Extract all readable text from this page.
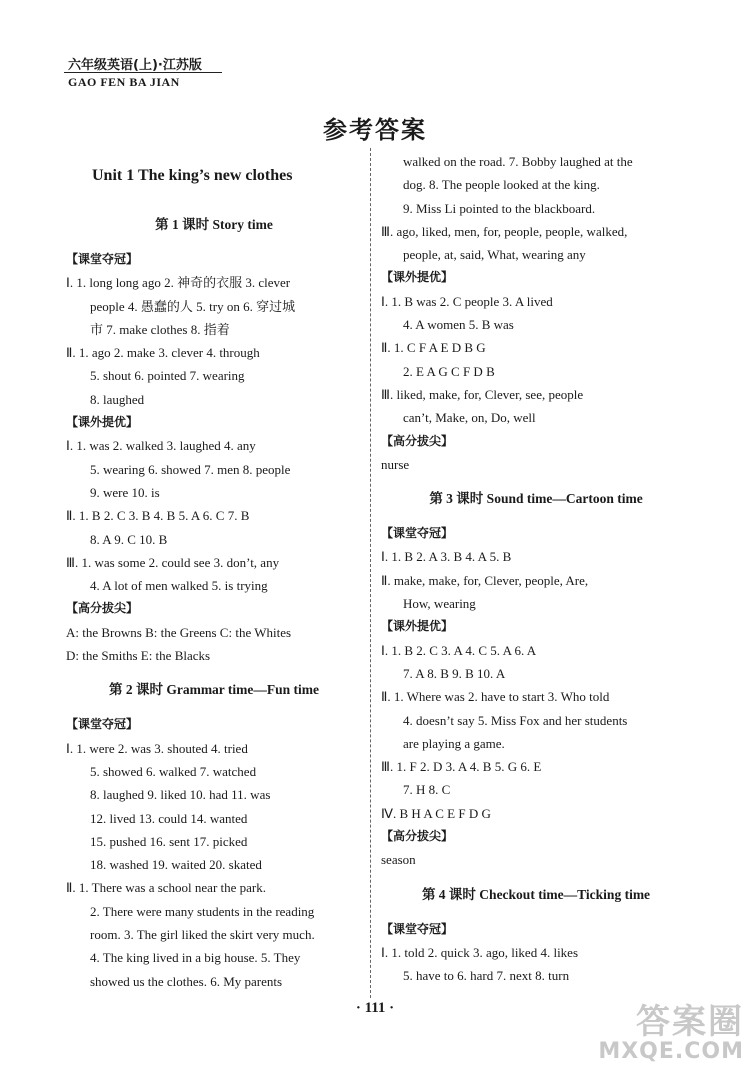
六年级英语(上)·江苏版
GAO FEN BA JIAN
参考答案
Unit 1 The king’s new clothes
第 1 课时 Story time
【课堂夺冠】
Ⅰ. 1. long long ago 2. 神奇的衣服 3. clever
people 4. 愚蠢的人 5. try on 6. 穿过城
市 7. make clothes 8. 指着
Ⅱ. 1. ago 2. make 3. clever 4. through
5. shout 6. pointed 7. wearing
8. laughed
【课外提优】
Ⅰ. 1. was 2. walked 3. laughed 4. any
5. wearing 6. showed 7. men 8. people
9. were 10. is
Ⅱ. 1. B 2. C 3. B 4. B 5. A 6. C 7. B
8. A 9. C 10. B
Ⅲ. 1. was some 2. could see 3. don’t, any
4. A lot of men walked 5. is trying
【高分拔尖】
A: the Browns B: the Greens C: the Whites
D: the Smiths E: the Blacks
第 2 课时 Grammar time—Fun time
【课堂夺冠】
Ⅰ. 1. were 2. was 3. shouted 4. tried
5. showed 6. walked 7. watched
8. laughed 9. liked 10. had 11. was
12. lived 13. could 14. wanted
15. pushed 16. sent 17. picked
18. washed 19. waited 20. skated
Ⅱ. 1. There was a school near the park.
2. There were many students in the reading
room. 3. The girl liked the skirt very much.
4. The king lived in a big house. 5. They
showed us the clothes. 6. My parents
walked on the road. 7. Bobby laughed at the
dog. 8. The people looked at the king.
9. Miss Li pointed to the blackboard.
Ⅲ. ago, liked, men, for, people, people, walked,
people, at, said, What, wearing any
【课外提优】
Ⅰ. 1. B was 2. C people 3. A lived
4. A women 5. B was
Ⅱ. 1. C F A E D B G
2. E A G C F D B
Ⅲ. liked, make, for, Clever, see, people
can’t, Make, on, Do, well
【高分拔尖】
nurse
第 3 课时 Sound time—Cartoon time
【课堂夺冠】
Ⅰ. 1. B 2. A 3. B 4. A 5. B
Ⅱ. make, make, for, Clever, people, Are,
How, wearing
【课外提优】
Ⅰ. 1. B 2. C 3. A 4. C 5. A 6. A
7. A 8. B 9. B 10. A
Ⅱ. 1. Where was 2. have to start 3. Who told
4. doesn’t say 5. Miss Fox and her students
are playing a game.
Ⅲ. 1. F 2. D 3. A 4. B 5. G 6. E
7. H 8. C
Ⅳ. B H A C E F D G
【高分拔尖】
season
第 4 课时 Checkout time—Ticking time
【课堂夺冠】
Ⅰ. 1. told 2. quick 3. ago, liked 4. likes
5. have to 6. hard 7. next 8. turn
· 111 ·	答案圈
MXQE.COM
